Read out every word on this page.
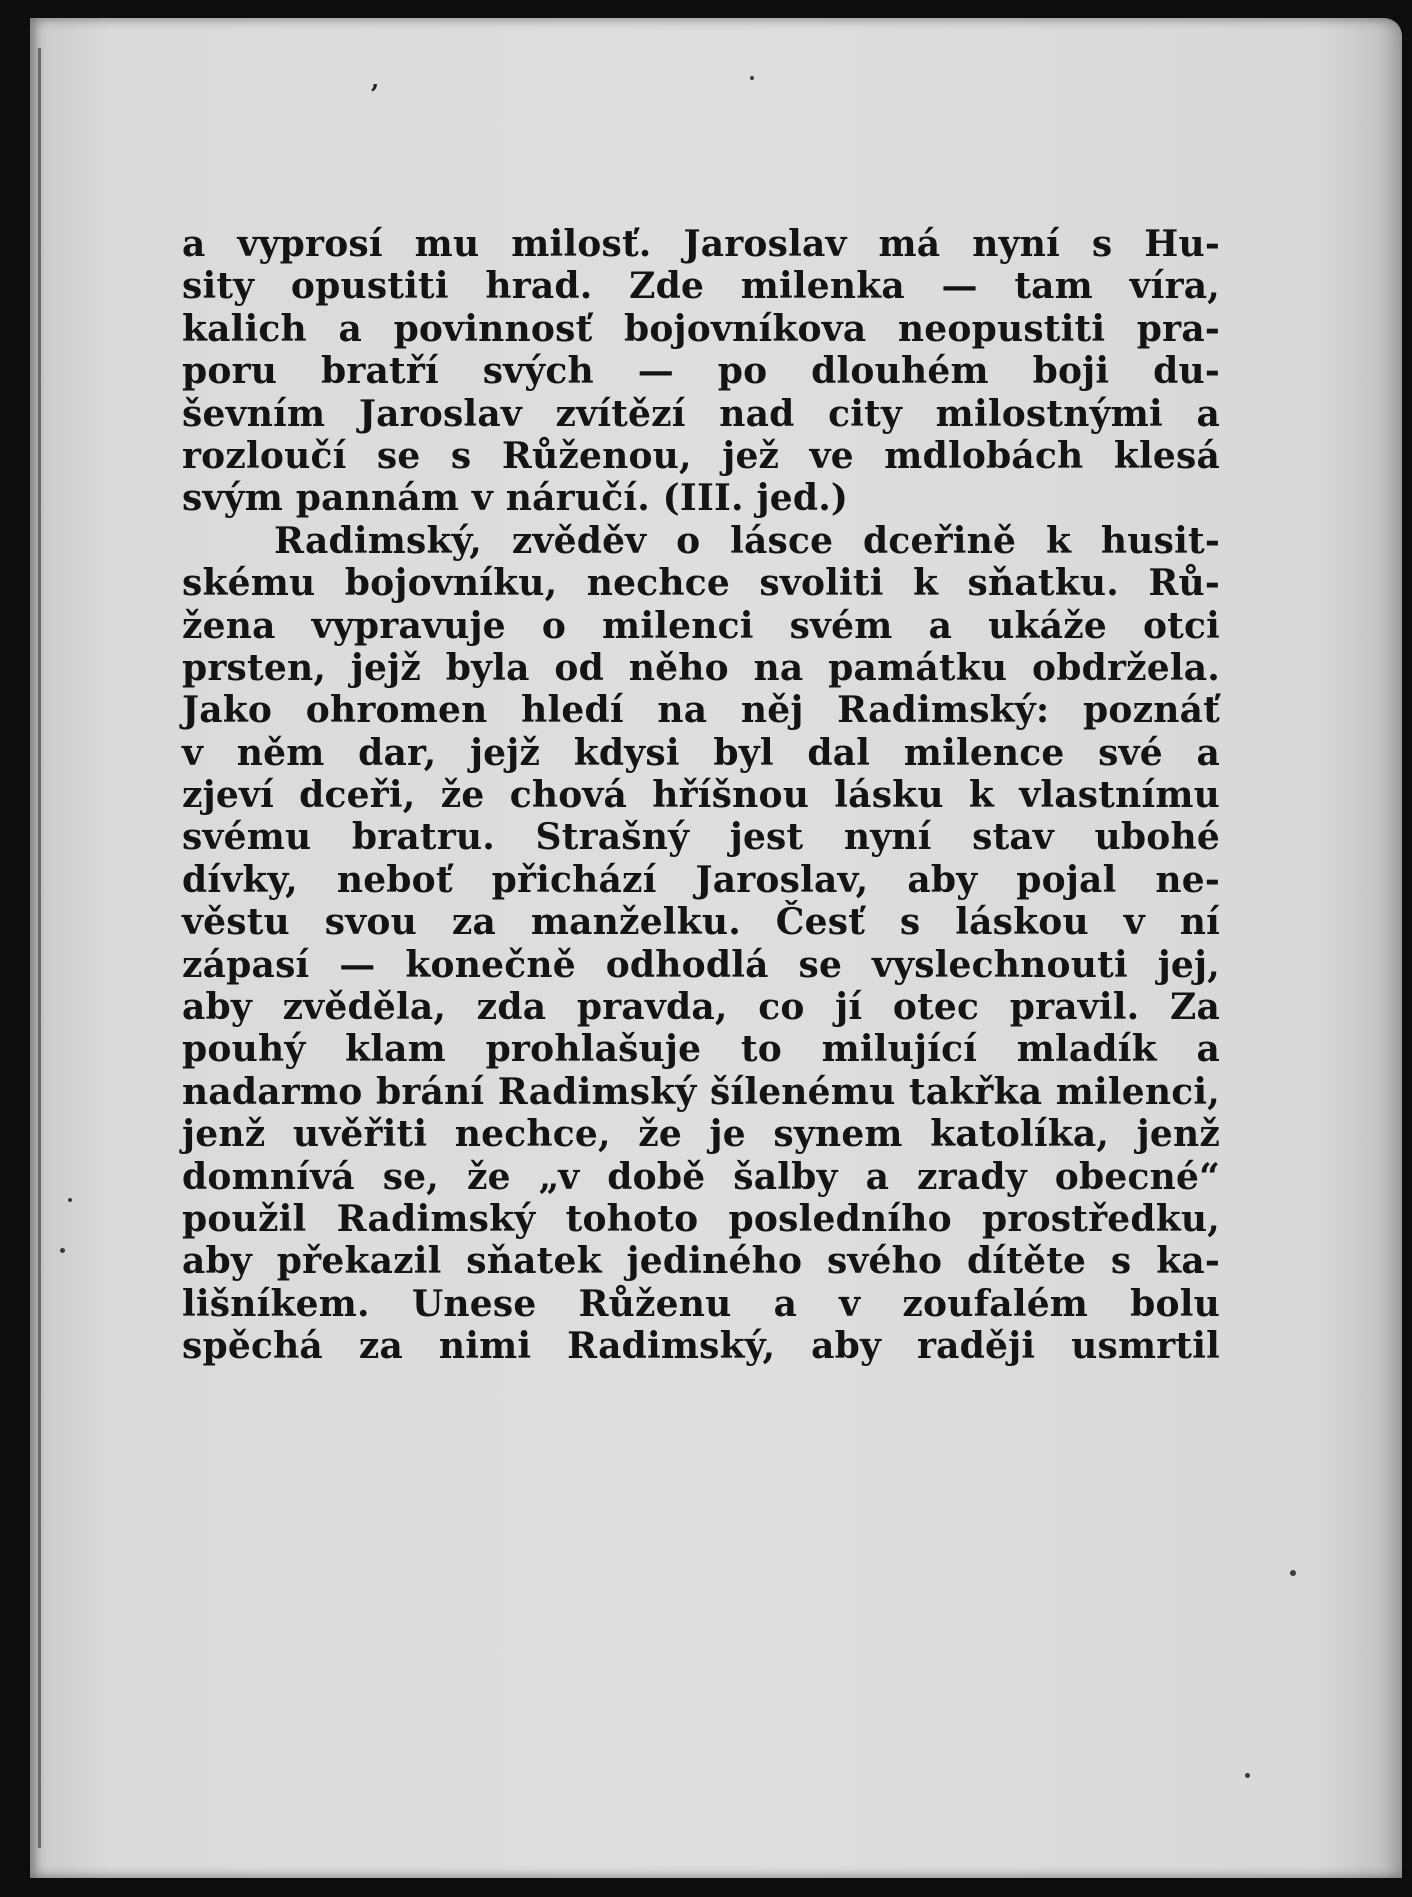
’
a vyprosí mu milosť. Jaroslav má nyní s Hu-
sity opustiti hrad. Zde milenka — tam víra,
kalich a povinnosť bojovníkova neopustiti pra-
poru bratří svých — po dlouhém boji du-
ševním Jaroslav zvítězí nad city milostnými a
rozloučí se s Růženou, jež ve mdlobách klesá
svým pannám v náručí. (III. jed.)
Radimský, zvěděv o lásce dceřině k husit-
skému bojovníku, nechce svoliti k sňatku. Rů-
žena vypravuje o milenci svém a ukáže otci
prsten, jejž byla od něho na památku obdržela.
Jako ohromen hledí na něj Radimský: poznáť
v něm dar, jejž kdysi byl dal milence své a
zjeví dceři, že chová hříšnou lásku k vlastnímu
svému bratru. Strašný jest nyní stav ubohé
dívky, neboť přichází Jaroslav, aby pojal ne-
věstu svou za manželku. Česť s láskou v ní
zápasí — konečně odhodlá se vyslechnouti jej,
aby zvěděla, zda pravda, co jí otec pravil. Za
pouhý klam prohlašuje to milující mladík a
nadarmo brání Radimský šílenému takřka milenci,
jenž uvěřiti nechce, že je synem katolíka, jenž
domnívá se, že „v době šalby a zrady obecné“
použil Radimský tohoto posledního prostředku,
aby překazil sňatek jediného svého dítěte s ka-
lišníkem. Unese Růženu a v zoufalém bolu
spěchá za nimi Radimský, aby raději usmrtil
